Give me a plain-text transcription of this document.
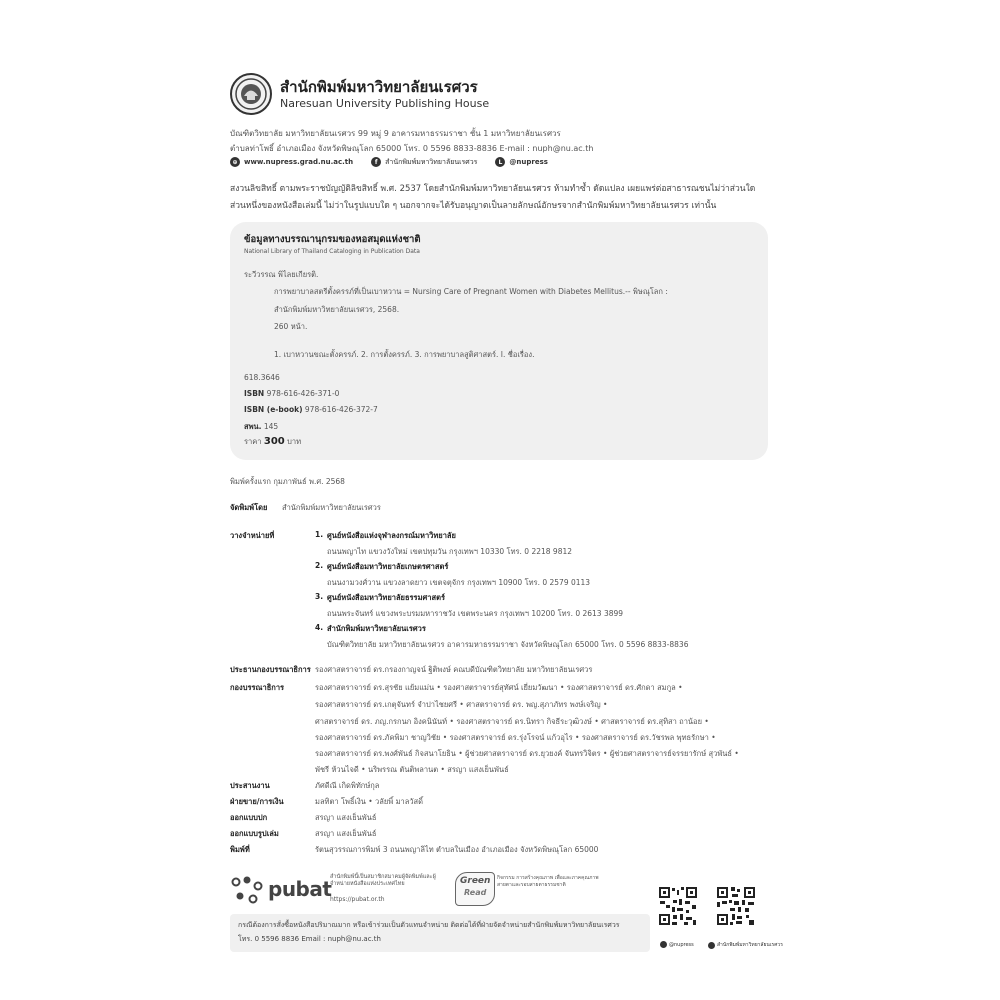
สำนักพิมพ์มหาวิทยาลัยนเรศวร
Naresuan University Publishing House
บัณฑิตวิทยาลัย มหาวิทยาลัยนเรศวร 99 หมู่ 9 อาคารมหาธรรมราชา ชั้น 1 มหาวิทยาลัยนเรศวร
ตำบลท่าโพธิ์ อำเภอเมือง จังหวัดพิษณุโลก 65000 โทร. 0 5596 8833-8836 E-mail : nuph@nu.ac.th
⊕ www.nupress.grad.nu.ac.th	f	สำนักพิมพ์มหาวิทยาลัยนเรศวร	L	@nupress
สงวนลิขสิทธิ์ ตามพระราชบัญญัติลิขสิทธิ์ พ.ศ. 2537 โดยสำนักพิมพ์มหาวิทยาลัยนเรศวร ห้ามทำซ้ำ ดัดแปลง เผยแพร่ต่อสาธารณชนไม่ว่าส่วนใดส่วนหนึ่งของหนังสือเล่มนี้ ไม่ว่าในรูปแบบใด ๆ นอกจากจะได้รับอนุญาตเป็นลายลักษณ์อักษรจากสำนักพิมพ์มหาวิทยาลัยนเรศวร เท่านั้น
ข้อมูลทางบรรณานุกรมของหอสมุดแห่งชาติ
National Library of Thailand Cataloging in Publication Data
ระวีวรรณ พิไลยเกียรติ.
การพยาบาลสตรีตั้งครรภ์ที่เป็นเบาหวาน = Nursing Care of Pregnant Women with Diabetes Mellitus.-- พิษณุโลก :
สำนักพิมพ์มหาวิทยาลัยนเรศวร, 2568.
260 หน้า.
1. เบาหวานขณะตั้งครรภ์. 2. การตั้งครรภ์. 3. การพยาบาลสูติศาสตร์. I. ชื่อเรื่อง.
618.3646
ISBN 978-616-426-371-0
ISBN (e-book) 978-616-426-372-7
สพน. 145
ราคา 300 บาท
พิมพ์ครั้งแรก กุมภาพันธ์ พ.ศ. 2568
จัดพิมพ์โดย สำนักพิมพ์มหาวิทยาลัยนเรศวร
วางจำหน่ายที่	1. ศูนย์หนังสือแห่งจุฬาลงกรณ์มหาวิทยาลัย
ถนนพญาไท แขวงวังใหม่ เขตปทุมวัน กรุงเทพฯ 10330 โทร. 0 2218 9812
2. ศูนย์หนังสือมหาวิทยาลัยเกษตรศาสตร์
ถนนงามวงศ์วาน แขวงลาดยาว เขตจตุจักร กรุงเทพฯ 10900 โทร. 0 2579 0113
3. ศูนย์หนังสือมหาวิทยาลัยธรรมศาสตร์
ถนนพระจันทร์ แขวงพระบรมมหาราชวัง เขตพระนคร กรุงเทพฯ 10200 โทร. 0 2613 3899
4. สำนักพิมพ์มหาวิทยาลัยนเรศวร
บัณฑิตวิทยาลัย มหาวิทยาลัยนเรศวร อาคารมหาธรรมราชา จังหวัดพิษณุโลก 65000 โทร. 0 5596 8833-8836
ประธานกองบรรณาธิการ รองศาสตราจารย์ ดร.กรองกาญจน์ ฐิติพงษ์ คณบดีบัณฑิตวิทยาลัย มหาวิทยาลัยนเรศวร
กองบรรณาธิการ	รองศาสตราจารย์ ดร.สุรชัย แย้มแม่น • รองศาสตราจารย์สุทัศน์ เยี่ยมวัฒนา • รองศาสตราจารย์ ดร.ศักดา สมกูล •
รองศาสตราจารย์ ดร.เกตุจันทร์ จำปาไชยศรี • ศาสตราจารย์ ดร. พญ.สุภาภัทร พงษ์เจริญ •
ศาสตราจารย์ ดร. ภญ.กรกนก อิงคนินันท์ • รองศาสตราจารย์ ดร.นิทรา กิจธีระวุฒิวงษ์ • ศาสตราจารย์ ดร.สุทิสา ถาน้อย •
รองศาสตราจารย์ ดร.ภัคพิมา ชาญวิชัย • รองศาสตราจารย์ ดร.รุ่งโรจน์ แก้วอุไร • รองศาสตราจารย์ ดร.วัชรพล พุทธรักษา •
รองศาสตราจารย์ ดร.พงศ์พันธ์ กิจสนาโยธิน • ผู้ช่วยศาสตราจารย์ ดร.ยุวยงค์ จันทรวิจิตร • ผู้ช่วยศาสตราจารย์จรรยารักษ์ สุวพันธ์ •
พัชรี ห้วนไจดี • นริพรรณ ตันติพลานต • สรญา แสงเย็นพันธ์
ประสานงาน	ภัศดีณี เกิดพิทักษ์กุล
ฝ่ายขาย/การเงิน	มลทิตา โพธิ์เงิน • วลัยพิ์ มาลวัสดิ์
ออกแบบปก	สรญา แสงเย็นพันธ์
ออกแบบรูปเล่ม	สรญา แสงเย็นพันธ์
พิมพ์ที่	รัตนสุวรรณการพิมพ์ 3 ถนนพญาลิไท ตำบลในเมือง อำเภอเมือง จังหวัดพิษณุโลก 65000
pubat
สำนักพิมพ์นี้เป็นสมาชิกสมาคมผู้จัดพิมพ์และผู้จำหน่ายหนังสือแห่งประเทศไทย
https://pubat.or.th
Green
Read
กิจกรรม การสร้างคุณภาพ เพื่อและภาคคุณภาพ สายตาและรอบสายตาธรรมชาติ
@nupress	สำนักพิมพ์มหาวิทยาลัยนเรศวร
กรณีต้องการสั่งซื้อหนังสือปริมาณมาก หรือเข้าร่วมเป็นตัวแทนจำหน่าย ติดต่อได้ที่ฝ่ายจัดจำหน่ายสำนักพิมพ์มหาวิทยาลัยนเรศวร
โทร. 0 5596 8836 Email : nuph@nu.ac.th
